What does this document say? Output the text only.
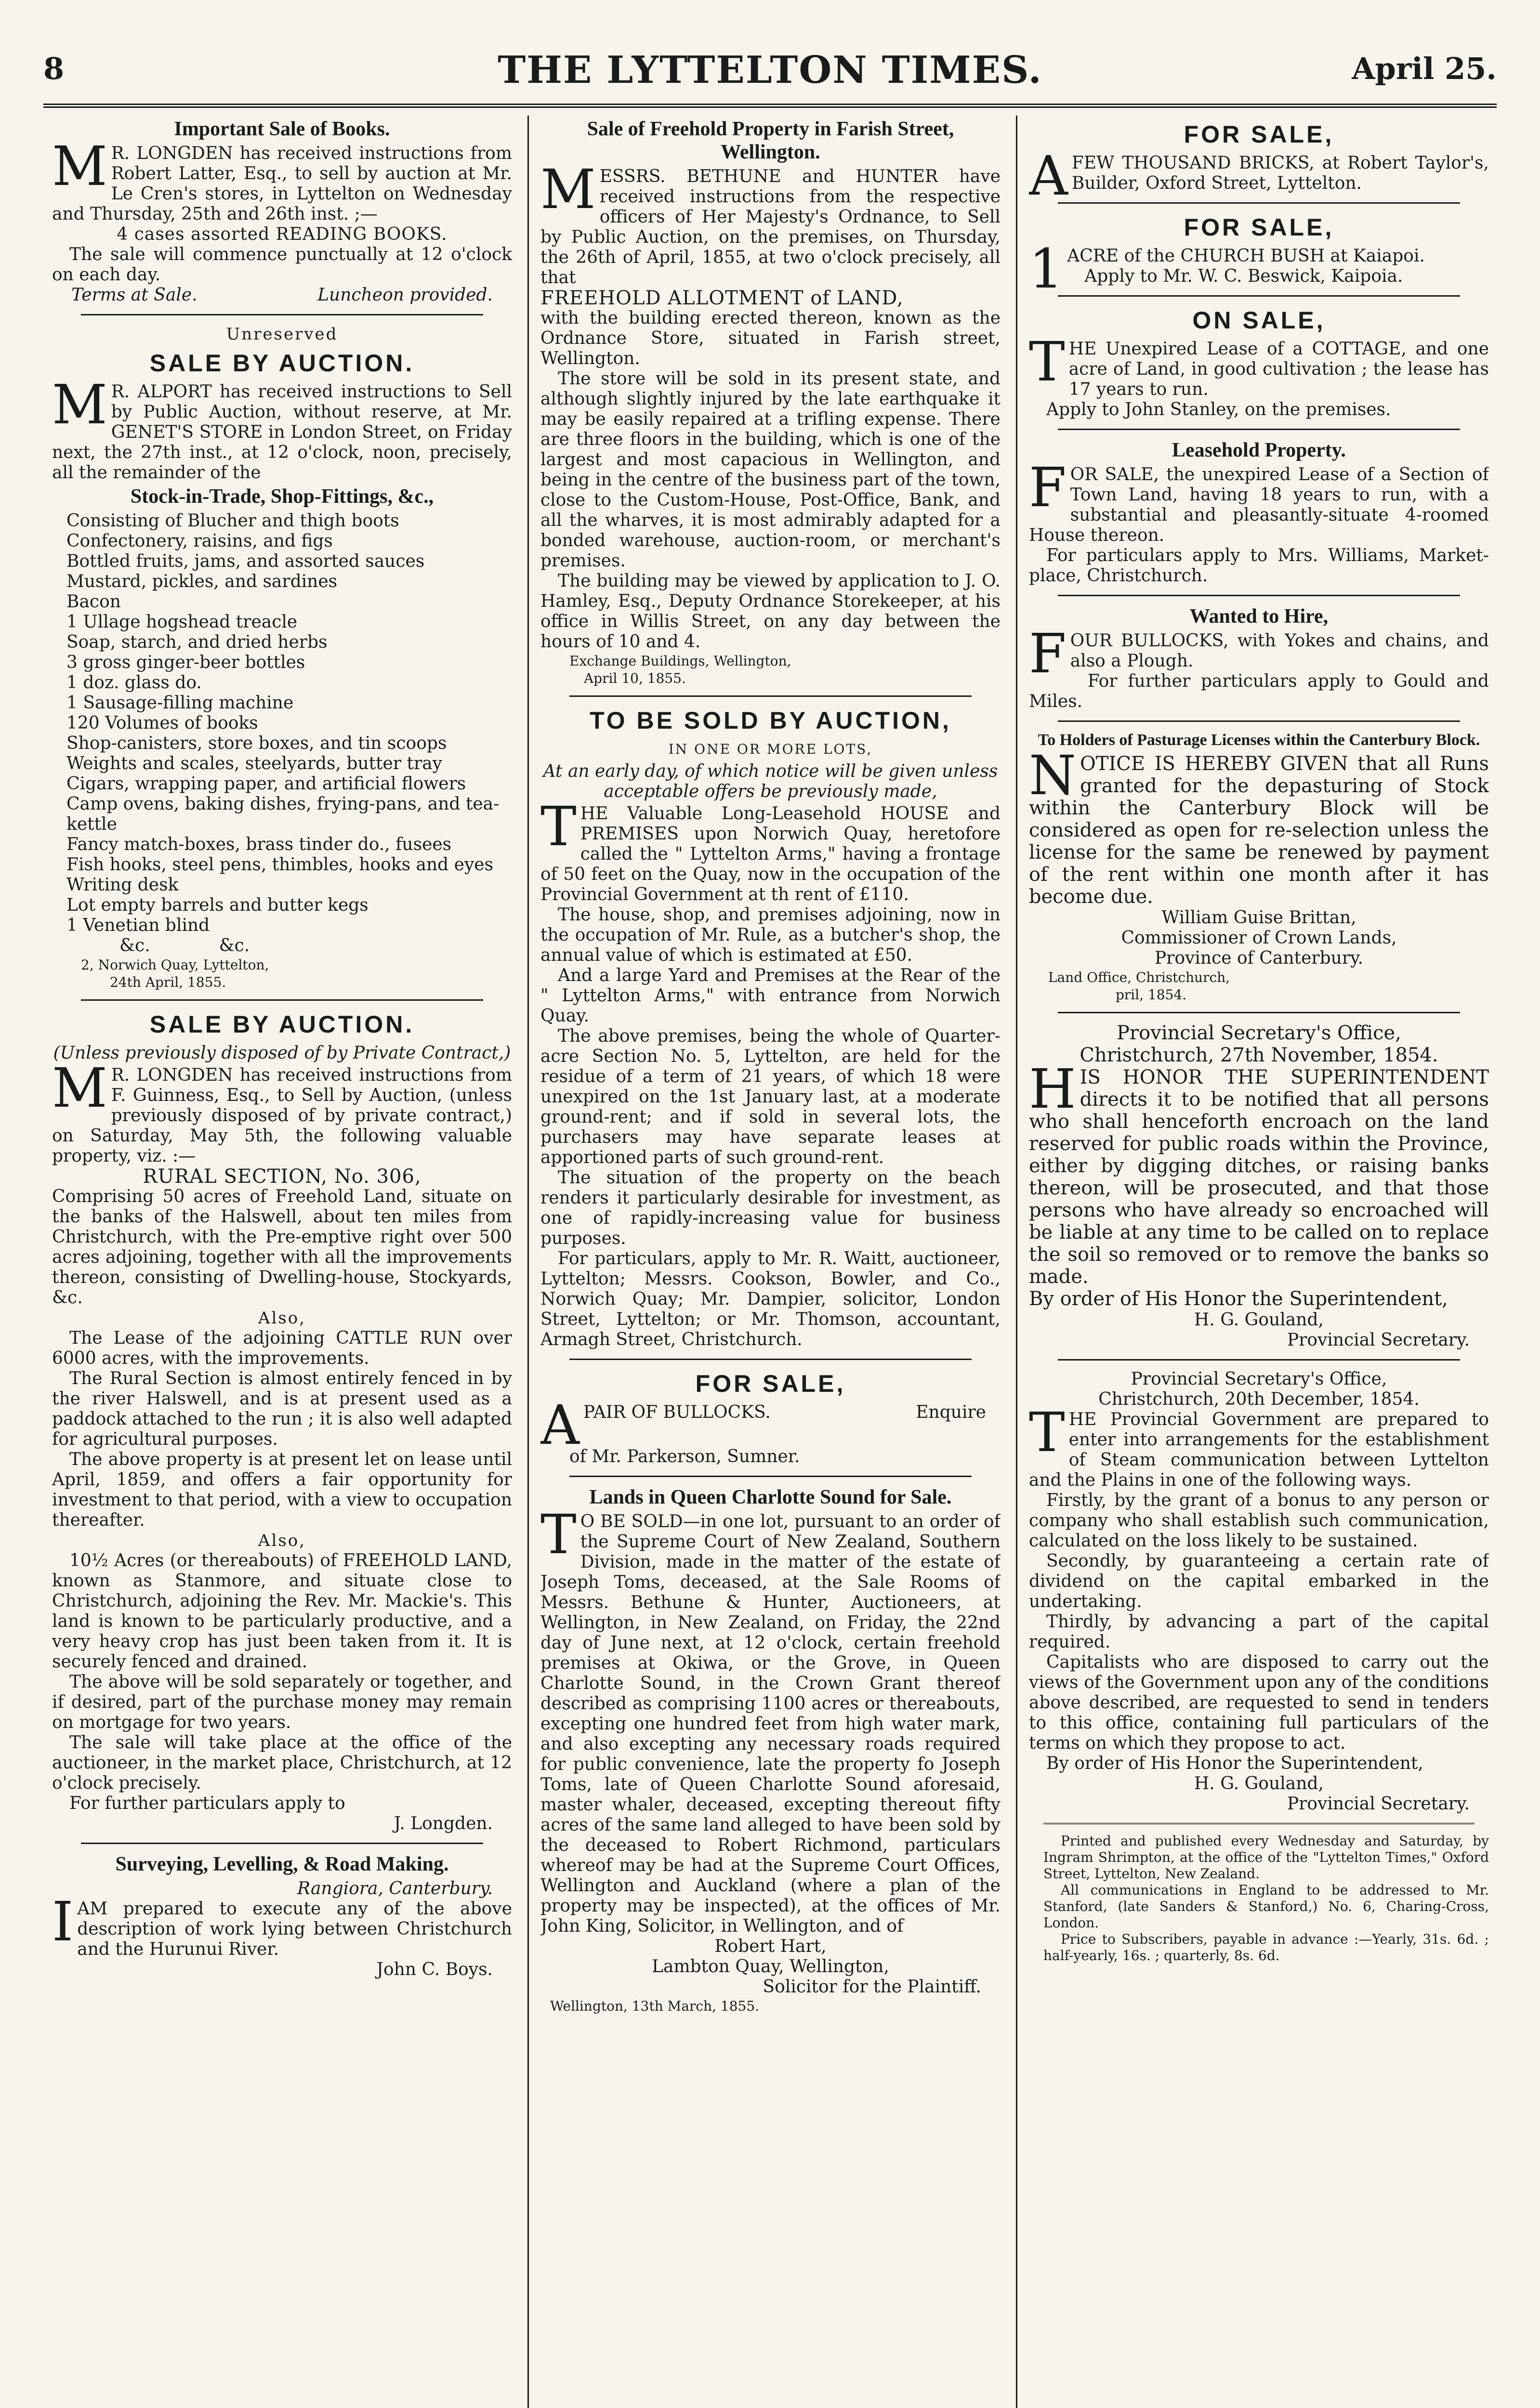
THE LYTTELTON TIMES.
8	April 25.
Important Sale of Books.

MR. LONGDEN has received instructions from Robert Latter, Esq., to sell by auction at Mr. Le Cren's stores, in Lyttelton on Wednesday and Thursday, 25th and 26th inst. ;—

4 cases assorted READING BOOKS.

The sale will commence punctually at 12 o'clock on each day.

Terms at Sale.	Luncheon provided.
Unreserved
SALE BY AUCTION.

MR. ALPORT has received instructions to Sell by Public Auction, without reserve, at Mr. GENET'S STORE in London Street, on Friday next, the 27th inst., at 12 o'clock, noon, precisely, all the remainder of the

Stock-in-Trade, Shop-Fittings, &c.,
Consisting of Blucher and thigh boots
Confectonery, raisins, and figs
Bottled fruits, jams, and assorted sauces
Mustard, pickles, and sardines
Bacon
1 Ullage hogshead treacle
Soap, starch, and dried herbs
3 gross ginger-beer bottles
1 doz. glass do.
1 Sausage-filling machine
120 Volumes of books
Shop-canisters, store boxes, and tin scoops
Weights and scales, steelyards, butter tray
Cigars, wrapping paper, and artificial flowers
Camp ovens, baking dishes, frying-pans, and tea-kettle
Fancy match-boxes, brass tinder do., fusees
Fish hooks, steel pens, thimbles, hooks and eyes
Writing desk
Lot empty barrels and butter kegs
1 Venetian blind
&c.	&c.
2, Norwich Quay, Lyttelton,
24th April, 1855.
SALE BY AUCTION.
(Unless previously disposed of by Private Contract,)

MR. LONGDEN has received instructions from F. Guinness, Esq., to Sell by Auction, (unless previously disposed of by private contract,) on Saturday, May 5th, the following valuable property, viz. :—

RURAL SECTION, No. 306,

Comprising 50 acres of Freehold Land, situate on the banks of the Halswell, about ten miles from Christchurch, with the Pre-emptive right over 500 acres adjoining, together with all the improvements thereon, consisting of Dwelling-house, Stockyards, &c.

Also,

The Lease of the adjoining CATTLE RUN over 6000 acres, with the improvements.

The Rural Section is almost entirely fenced in by the river Halswell, and is at present used as a paddock attached to the run ; it is also well adapted for agricultural purposes.

The above property is at present let on lease until April, 1859, and offers a fair opportunity for investment to that period, with a view to occupation thereafter.

Also,

10½ Acres (or thereabouts) of FREEHOLD LAND, known as Stanmore, and situate close to Christchurch, adjoining the Rev. Mr. Mackie's. This land is known to be particularly productive, and a very heavy crop has just been taken from it. It is securely fenced and drained.

The above will be sold separately or together, and if desired, part of the purchase money may remain on mortgage for two years.

The sale will take place at the office of the auctioneer, in the market place, Christchurch, at 12 o'clock precisely.

For further particulars apply to

J. Longden.

Surveying, Levelling, & Road Making.

Rangiora, Canterbury.

IAM prepared to execute any of the above description of work lying between Christchurch and the Hurunui River.

John C. Boys.

Sale of Freehold Property in Farish Street, Wellington.

MESSRS. BETHUNE and HUNTER have received instructions from the respective officers of Her Majesty's Ordnance, to Sell by Public Auction, on the premises, on Thursday, the 26th of April, 1855, at two o'clock precisely, all that

FREEHOLD ALLOTMENT of LAND,

with the building erected thereon, known as the Ordnance Store, situated in Farish street, Wellington.

The store will be sold in its present state, and although slightly injured by the late earthquake it may be easily repaired at a trifling expense. There are three floors in the building, which is one of the largest and most capacious in Wellington, and being in the centre of the business part of the town, close to the Custom-House, Post-Office, Bank, and all the wharves, it is most admirably adapted for a bonded warehouse, auction-room, or merchant's premises.

The building may be viewed by application to J. O. Hamley, Esq., Deputy Ordnance Storekeeper, at his office in Willis Street, on any day between the hours of 10 and 4.

Exchange Buildings, Wellington,
April 10, 1855.
TO BE SOLD BY AUCTION,
IN ONE OR MORE LOTS,
At an early day, of which notice will be given unless acceptable offers be previously made,

THE Valuable Long-Leasehold HOUSE and PREMISES upon Norwich Quay, heretofore called the " Lyttelton Arms," having a frontage of 50 feet on the Quay, now in the occupation of the Provincial Government at th rent of £110.

The house, shop, and premises adjoining, now in the occupation of Mr. Rule, as a butcher's shop, the annual value of which is estimated at £50.

And a large Yard and Premises at the Rear of the " Lyttelton Arms," with entrance from Norwich Quay.

The above premises, being the whole of Quarter-acre Section No. 5, Lyttelton, are held for the residue of a term of 21 years, of which 18 were unexpired on the 1st January last, at a moderate ground-rent; and if sold in several lots, the purchasers may have separate leases at apportioned parts of such ground-rent.

The situation of the property on the beach renders it particularly desirable for investment, as one of rapidly-increasing value for business purposes.

For particulars, apply to Mr. R. Waitt, auctioneer, Lyttelton; Messrs. Cookson, Bowler, and Co., Norwich Quay; Mr. Dampier, solicitor, London Street, Lyttelton; or Mr. Thomson, accountant, Armagh Street, Christchurch.

FOR SALE,

APAIR OF BULLOCKS.	Enquire

of Mr. Parkerson, Sumner.

Lands in Queen Charlotte Sound for Sale.

TO BE SOLD—in one lot, pursuant to an order of the Supreme Court of New Zealand, Southern Division, made in the matter of the estate of Joseph Toms, deceased, at the Sale Rooms of Messrs. Bethune & Hunter, Auctioneers, at Wellington, in New Zealand, on Friday, the 22nd day of June next, at 12 o'clock, certain freehold premises at Okiwa, or the Grove, in Queen Charlotte Sound, in the Crown Grant thereof described as comprising 1100 acres or thereabouts, excepting one hundred feet from high water mark, and also excepting any necessary roads required for public convenience, late the property fo Joseph Toms, late of Queen Charlotte Sound aforesaid, master whaler, deceased, excepting thereout fifty acres of the same land alleged to have been sold by the deceased to Robert Richmond, particulars whereof may be had at the Supreme Court Offices, Wellington and Auckland (where a plan of the property may be inspected), at the offices of Mr. John King, Solicitor, in Wellington, and of

Robert Hart,

Lambton Quay, Wellington,

Solicitor for the Plaintiff.

Wellington, 13th March, 1855.
FOR SALE,

AFEW THOUSAND BRICKS, at Robert Taylor's, Builder, Oxford Street, Lyttelton.

FOR SALE,

1ACRE of the CHURCH BUSH at Kaiapoi.

Apply to Mr. W. C. Beswick, Kaipoia.

ON SALE,

THE Unexpired Lease of a COTTAGE, and one acre of Land, in good cultivation ; the lease has 17 years to run.

Apply to John Stanley, on the premises.

Leasehold Property.

FOR SALE, the unexpired Lease of a Section of Town Land, having 18 years to run, with a substantial and pleasantly-situate 4-roomed House thereon.

For particulars apply to Mrs. Williams, Market-place, Christchurch.

Wanted to Hire,

FOUR BULLOCKS, with Yokes and chains, and also a Plough.

For further particulars apply to Gould and Miles.

To Holders of Pasturage Licenses within the Canterbury Block.

NOTICE IS HEREBY GIVEN that all Runs granted for the depasturing of Stock within the Canterbury Block will be considered as open for re-selection unless the license for the same be renewed by payment of the rent within one month after it has become due.

William Guise Brittan,

Commissioner of Crown Lands,

Province of Canterbury.

Land Office, Christchurch,
pril, 1854.

Provincial Secretary's Office,

Christchurch, 27th November, 1854.

HIS HONOR THE SUPERINTENDENT directs it to be notified that all persons who shall henceforth encroach on the land reserved for public roads within the Province, either by digging ditches, or raising banks thereon, will be prosecuted, and that those persons who have already so encroached will be liable at any time to be called on to replace the soil so removed or to remove the banks so made.

By order of His Honor the Superintendent,

H. G. Gouland,

Provincial Secretary.

Provincial Secretary's Office,

Christchurch, 20th December, 1854.

THE Provincial Government are prepared to enter into arrangements for the establishment of Steam communication between Lyttelton and the Plains in one of the following ways.

Firstly, by the grant of a bonus to any person or company who shall establish such communication, calculated on the loss likely to be sustained.

Secondly, by guaranteeing a certain rate of dividend on the capital embarked in the undertaking.

Thirdly, by advancing a part of the capital required.

Capitalists who are disposed to carry out the views of the Government upon any of the conditions above described, are requested to send in tenders to this office, containing full particulars of the terms on which they propose to act.

By order of His Honor the Superintendent,

H. G. Gouland,

Provincial Secretary.

Printed and published every Wednesday and Saturday, by Ingram Shrimpton, at the office of the "Lyttelton Times," Oxford Street, Lyttelton, New Zealand.

All communications in England to be addressed to Mr. Stanford, (late Sanders & Stanford,) No. 6, Charing-Cross, London.

Price to Subscribers, payable in advance :—Yearly, 31s. 6d. ; half-yearly, 16s. ; quarterly, 8s. 6d.
